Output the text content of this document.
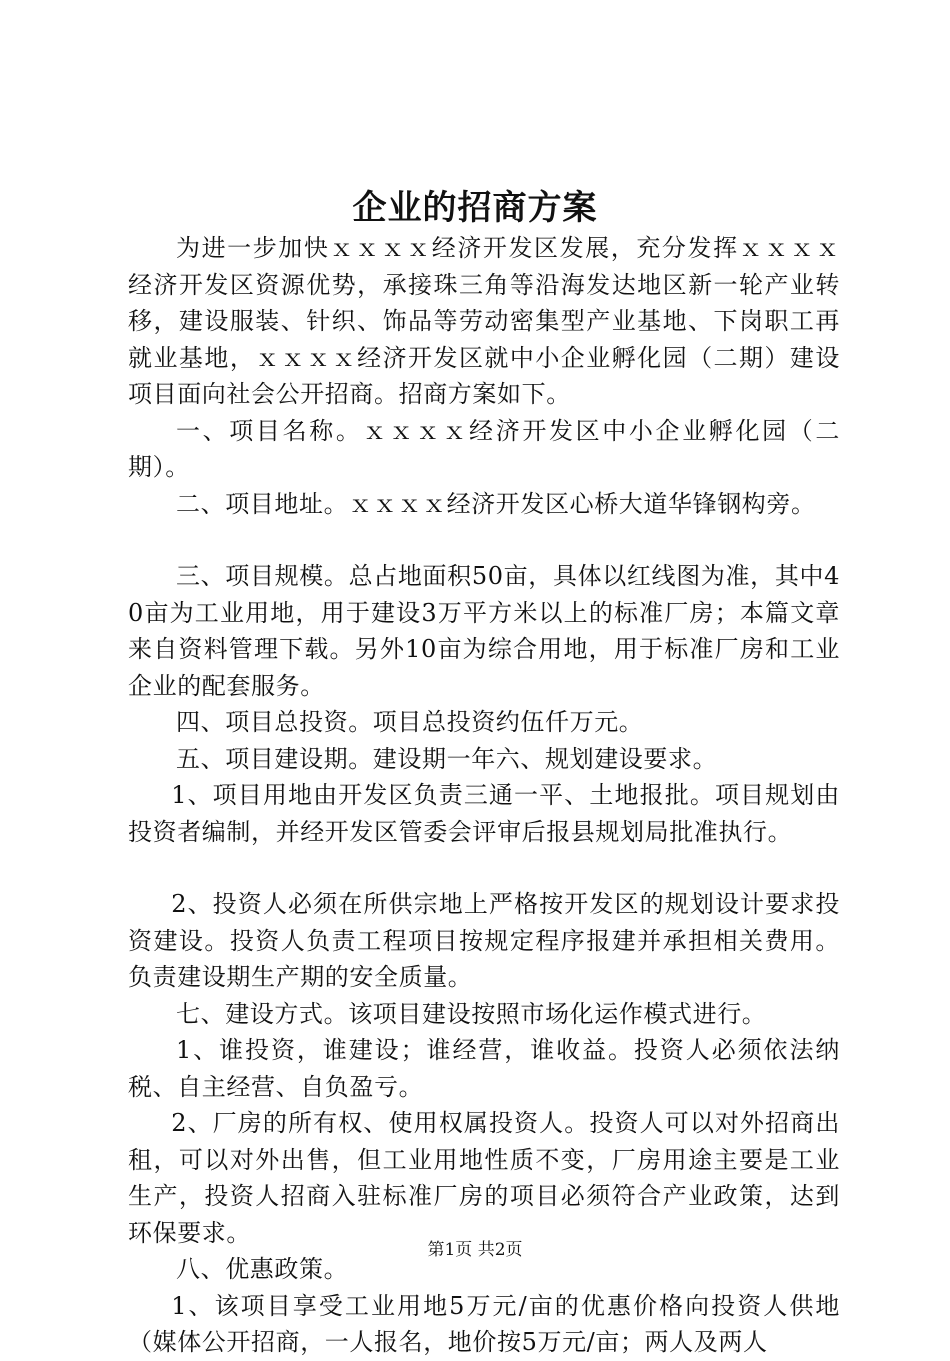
企业的招商方案

为进一步加快ｘｘｘｘ经济开发区发展，充分发挥ｘｘｘｘ经济开发区资源优势，承接珠三角等沿海发达地区新一轮产业转移，建设服装、针织、饰品等劳动密集型产业基地、下岗职工再就业基地，ｘｘｘｘ经济开发区就中小企业孵化园（二期）建设项目面向社会公开招商。招商方案如下。

一、项目名称。ｘｘｘｘ经济开发区中小企业孵化园（二期）。

二、项目地址。ｘｘｘｘ经济开发区心桥大道华锋钢构旁。

三、项目规模。总占地面积50亩，具体以红线图为准，其中40亩为工业用地，用于建设3万平方米以上的标准厂房；本篇文章来自资料管理下载。另外10亩为综合用地，用于标准厂房和工业企业的配套服务。

四、项目总投资。项目总投资约伍仟万元。

五、项目建设期。建设期一年六、规划建设要求。

1、项目用地由开发区负责三通一平、土地报批。项目规划由投资者编制，并经开发区管委会评审后报县规划局批准执行。

2、投资人必须在所供宗地上严格按开发区的规划设计要求投资建设。投资人负责工程项目按规定程序报建并承担相关费用。负责建设期生产期的安全质量。

七、建设方式。该项目建设按照市场化运作模式进行。

1、谁投资，谁建设；谁经营，谁收益。投资人必须依法纳税、自主经营、自负盈亏。

2、厂房的所有权、使用权属投资人。投资人可以对外招商出租，可以对外出售，但工业用地性质不变，厂房用途主要是工业生产，投资人招商入驻标准厂房的项目必须符合产业政策，达到环保要求。

八、优惠政策。

1、该项目享受工业用地5万元/亩的优惠价格向投资人供地（媒体公开招商，一人报名，地价按5万元/亩；两人及两人

第1页 共2页
